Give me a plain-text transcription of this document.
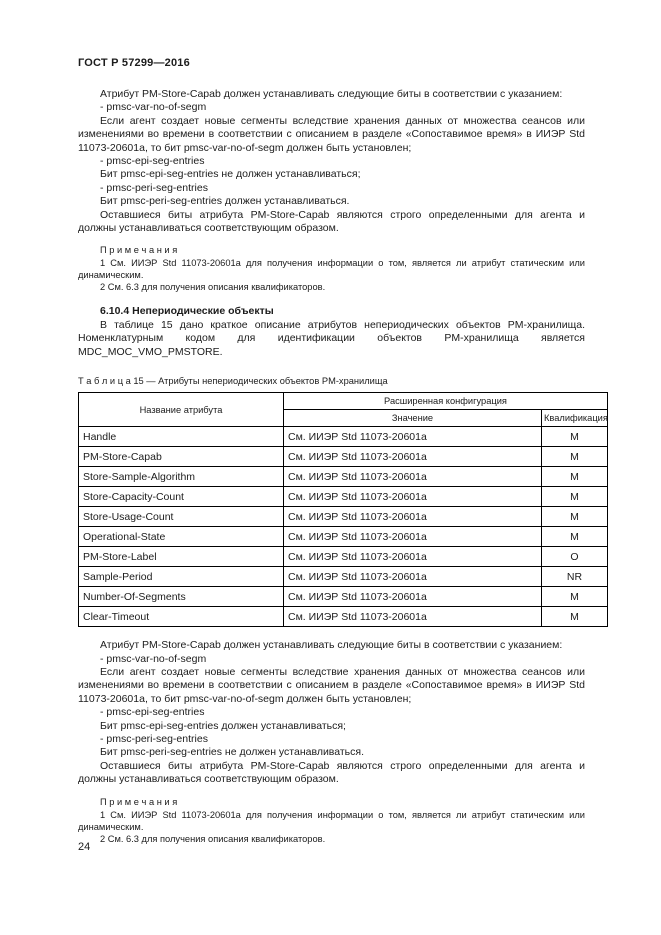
ГОСТ Р 57299—2016

Атрибут PM-Store-Capab должен устанавливать следующие биты в соответствии с указанием:

- pmsc-var-no-of-segm

Если агент создает новые сегменты вследствие хранения данных от множества сеансов или изменениями во времени в соответствии с описанием в разделе «Сопоставимое время» в ИИЭР Std 11073-20601a, то бит pmsc-var-no-of-segm должен быть установлен;

- pmsc-epi-seg-entries

Бит pmsc-epi-seg-entries не должен устанавливаться;

- pmsc-peri-seg-entries

Бит pmsc-peri-seg-entries должен устанавливаться.

Оставшиеся биты атрибута PM-Store-Capab являются строго определенными для агента и должны устанавливаться соответствующим образом.

П р и м е ч а н и я

1 См. ИИЭР Std 11073-20601a для получения информации о том, является ли атрибут статическим или динамическим.

2 См. 6.3 для получения описания квалификаторов.

6.10.4 Непериодические объекты

В таблице 15 дано краткое описание атрибутов непериодических объектов PM-хранилища. Номенклатурным кодом для идентификации объектов PM-хранилища является MDC_MOC_VMO_PMSTORE.

Т а б л и ц а 15 — Атрибуты непериодических объектов PM-хранилища

Название атрибута	Расширенная конфигурация	
	Значение	Квалификация
Handle	См. ИИЭР Std 11073-20601a	M
PM-Store-Capab	См. ИИЭР Std 11073-20601a	M
Store-Sample-Algorithm	См. ИИЭР Std 11073-20601a	M
Store-Capacity-Count	См. ИИЭР Std 11073-20601a	M
Store-Usage-Count	См. ИИЭР Std 11073-20601a	M
Operational-State	См. ИИЭР Std 11073-20601a	M
PM-Store-Label	См. ИИЭР Std 11073-20601a	O
Sample-Period	См. ИИЭР Std 11073-20601a	NR
Number-Of-Segments	См. ИИЭР Std 11073-20601a	M
Clear-Timeout	См. ИИЭР Std 11073-20601a	M

Атрибут PM-Store-Capab должен устанавливать следующие биты в соответствии с указанием:

- pmsc-var-no-of-segm

Если агент создает новые сегменты вследствие хранения данных от множества сеансов или изменениями во времени в соответствии с описанием в разделе «Сопоставимое время» в ИИЭР Std 11073-20601a, то бит pmsc-var-no-of-segm должен быть установлен;

- pmsc-epi-seg-entries

Бит pmsc-epi-seg-entries должен устанавливаться;

- pmsc-peri-seg-entries

Бит pmsc-peri-seg-entries не должен устанавливаться.

Оставшиеся биты атрибута PM-Store-Capab являются строго определенными для агента и должны устанавливаться соответствующим образом.

П р и м е ч а н и я

1 См. ИИЭР Std 11073-20601a для получения информации о том, является ли атрибут статическим или динамическим.

2 См. 6.3 для получения описания квалификаторов.

24
